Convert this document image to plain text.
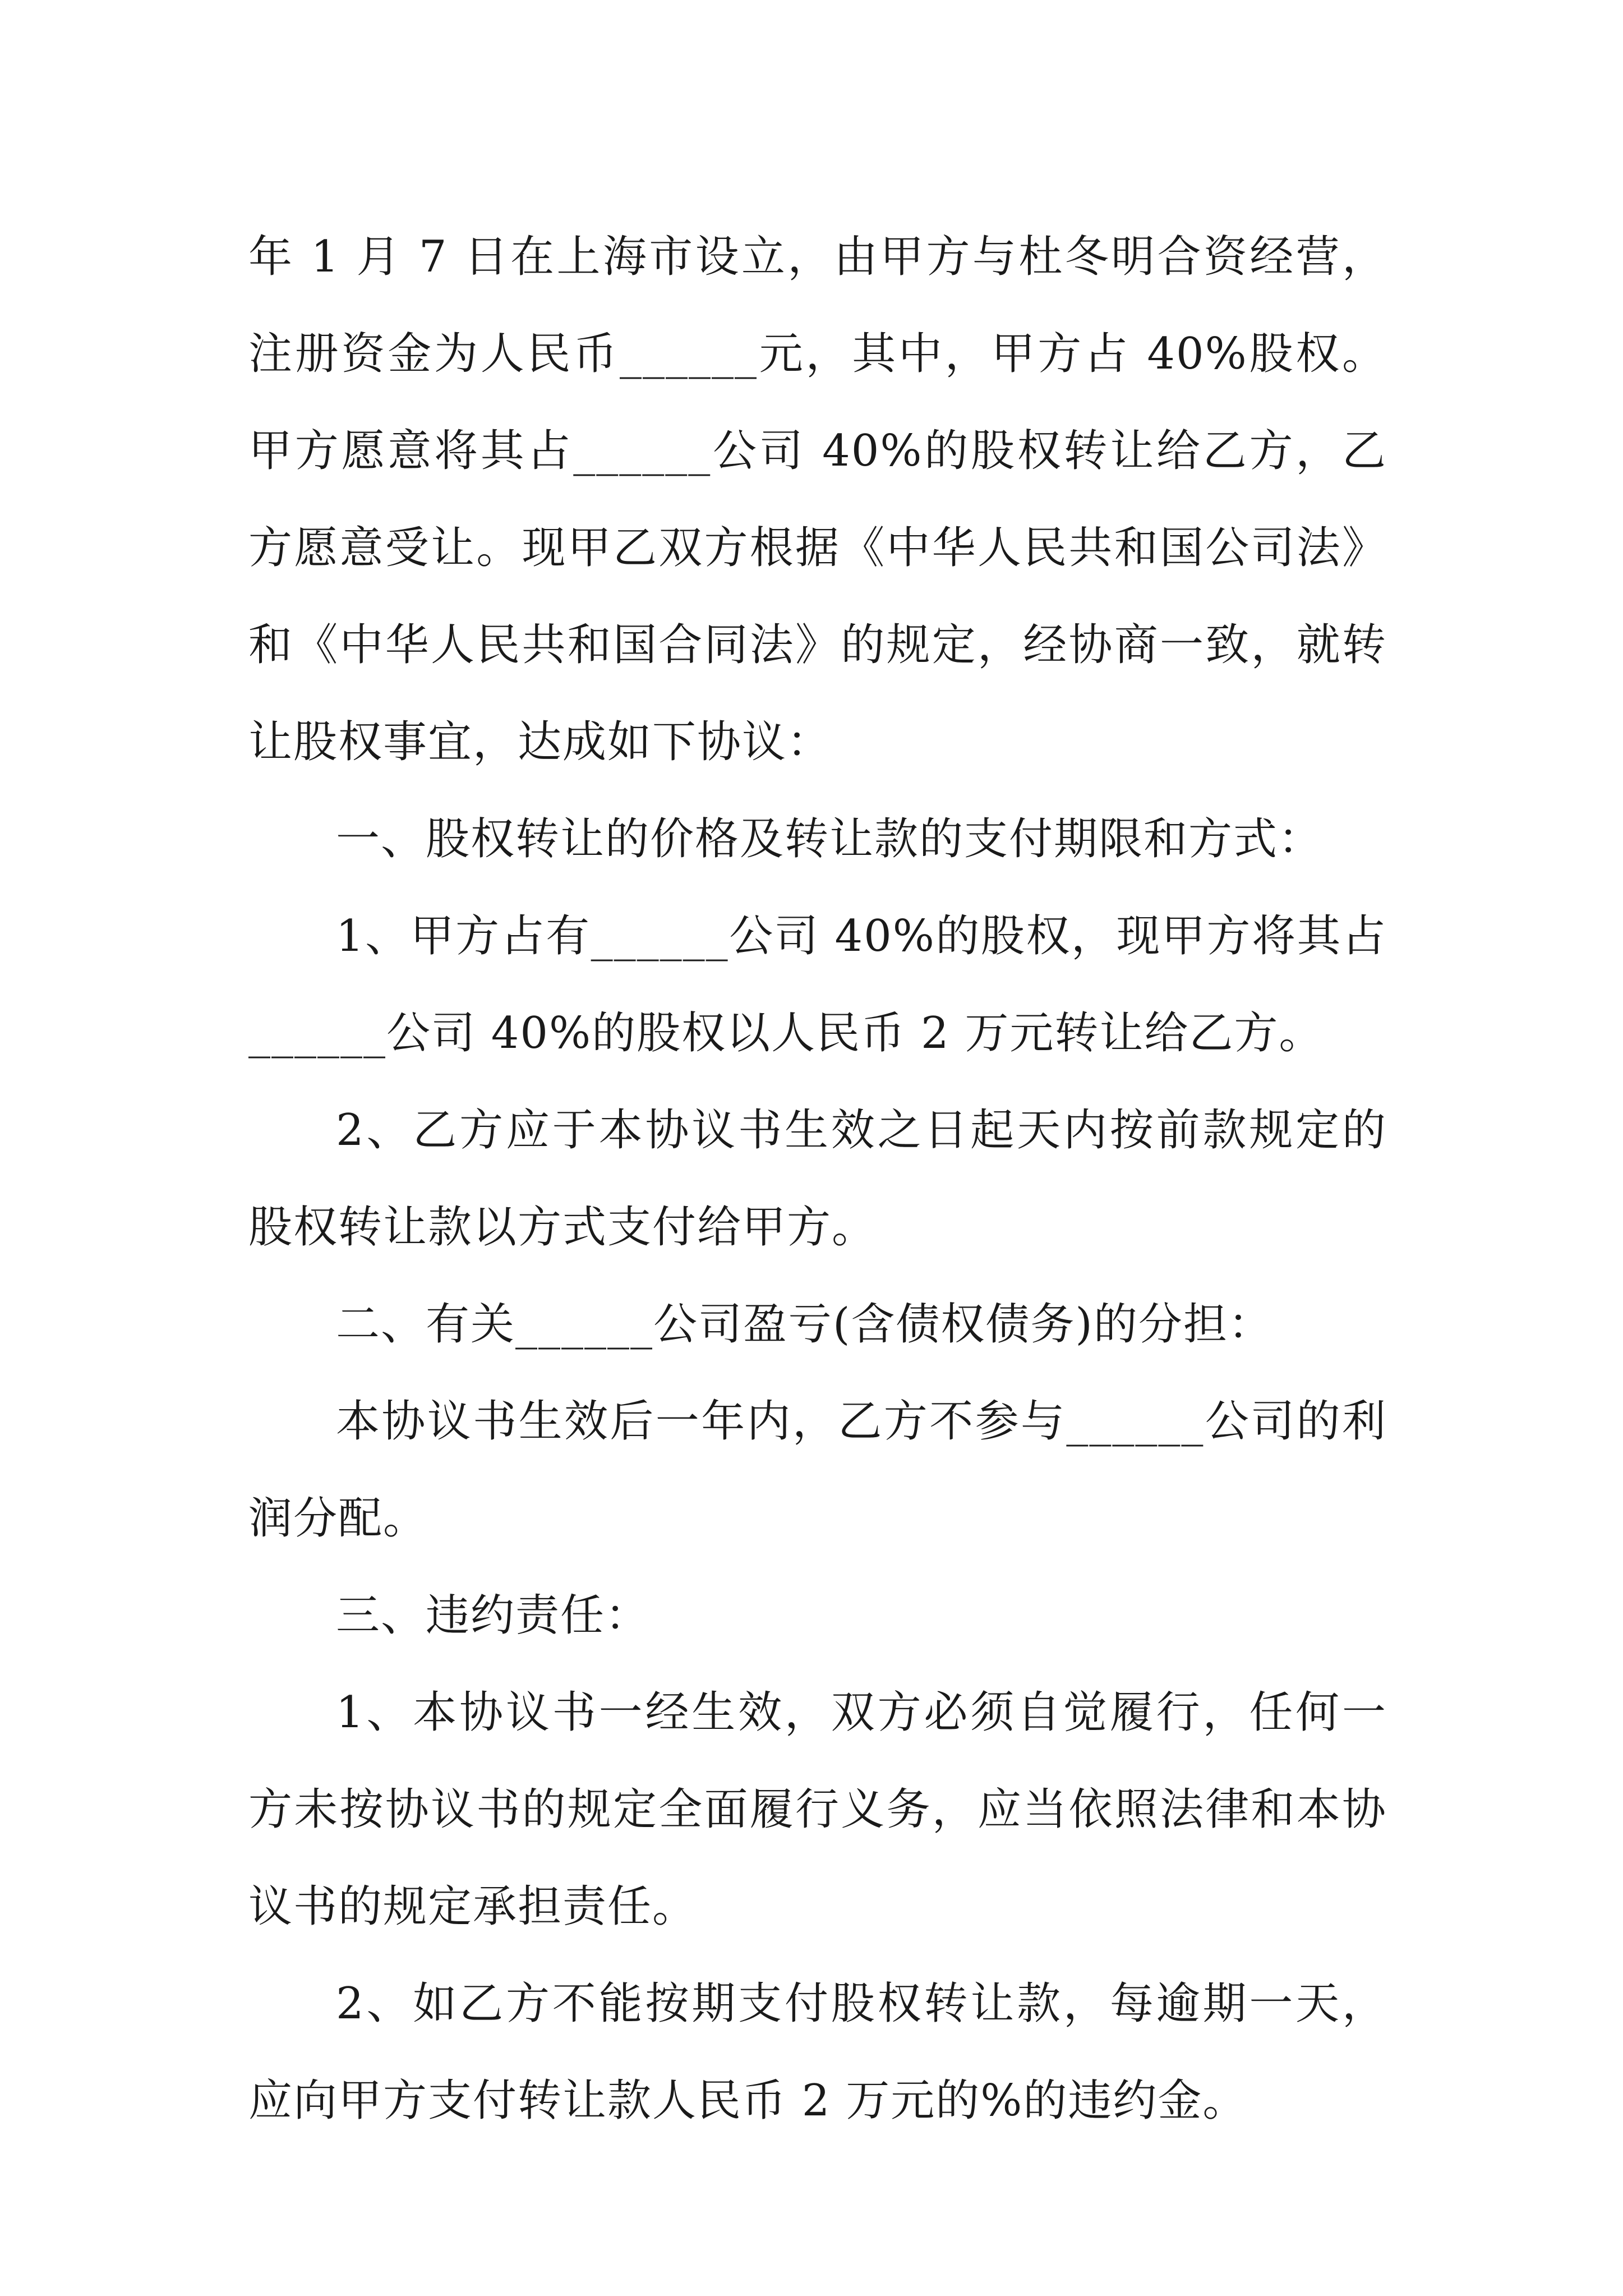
年 1 月 7 日在上海市设立，由甲方与杜冬明合资经营，注册资金为人民币______元，其中，甲方占 40%股权。甲方愿意将其占______公司 40%的股权转让给乙方，乙方愿意受让。现甲乙双方根据《中华人民共和国公司法》和《中华人民共和国合同法》的规定，经协商一致，就转让股权事宜，达成如下协议：

一、股权转让的价格及转让款的支付期限和方式：

1、甲方占有______公司 40%的股权，现甲方将其占______公司 40%的股权以人民币 2 万元转让给乙方。

2、乙方应于本协议书生效之日起天内按前款规定的股权转让款以方式支付给甲方。

二、有关______公司盈亏(含债权债务)的分担：

本协议书生效后一年内，乙方不参与______公司的利润分配。

三、违约责任：

1、本协议书一经生效，双方必须自觉履行，任何一方未按协议书的规定全面履行义务，应当依照法律和本协议书的规定承担责任。

2、如乙方不能按期支付股权转让款，每逾期一天，应向甲方支付转让款人民币 2 万元的%的违约金。
